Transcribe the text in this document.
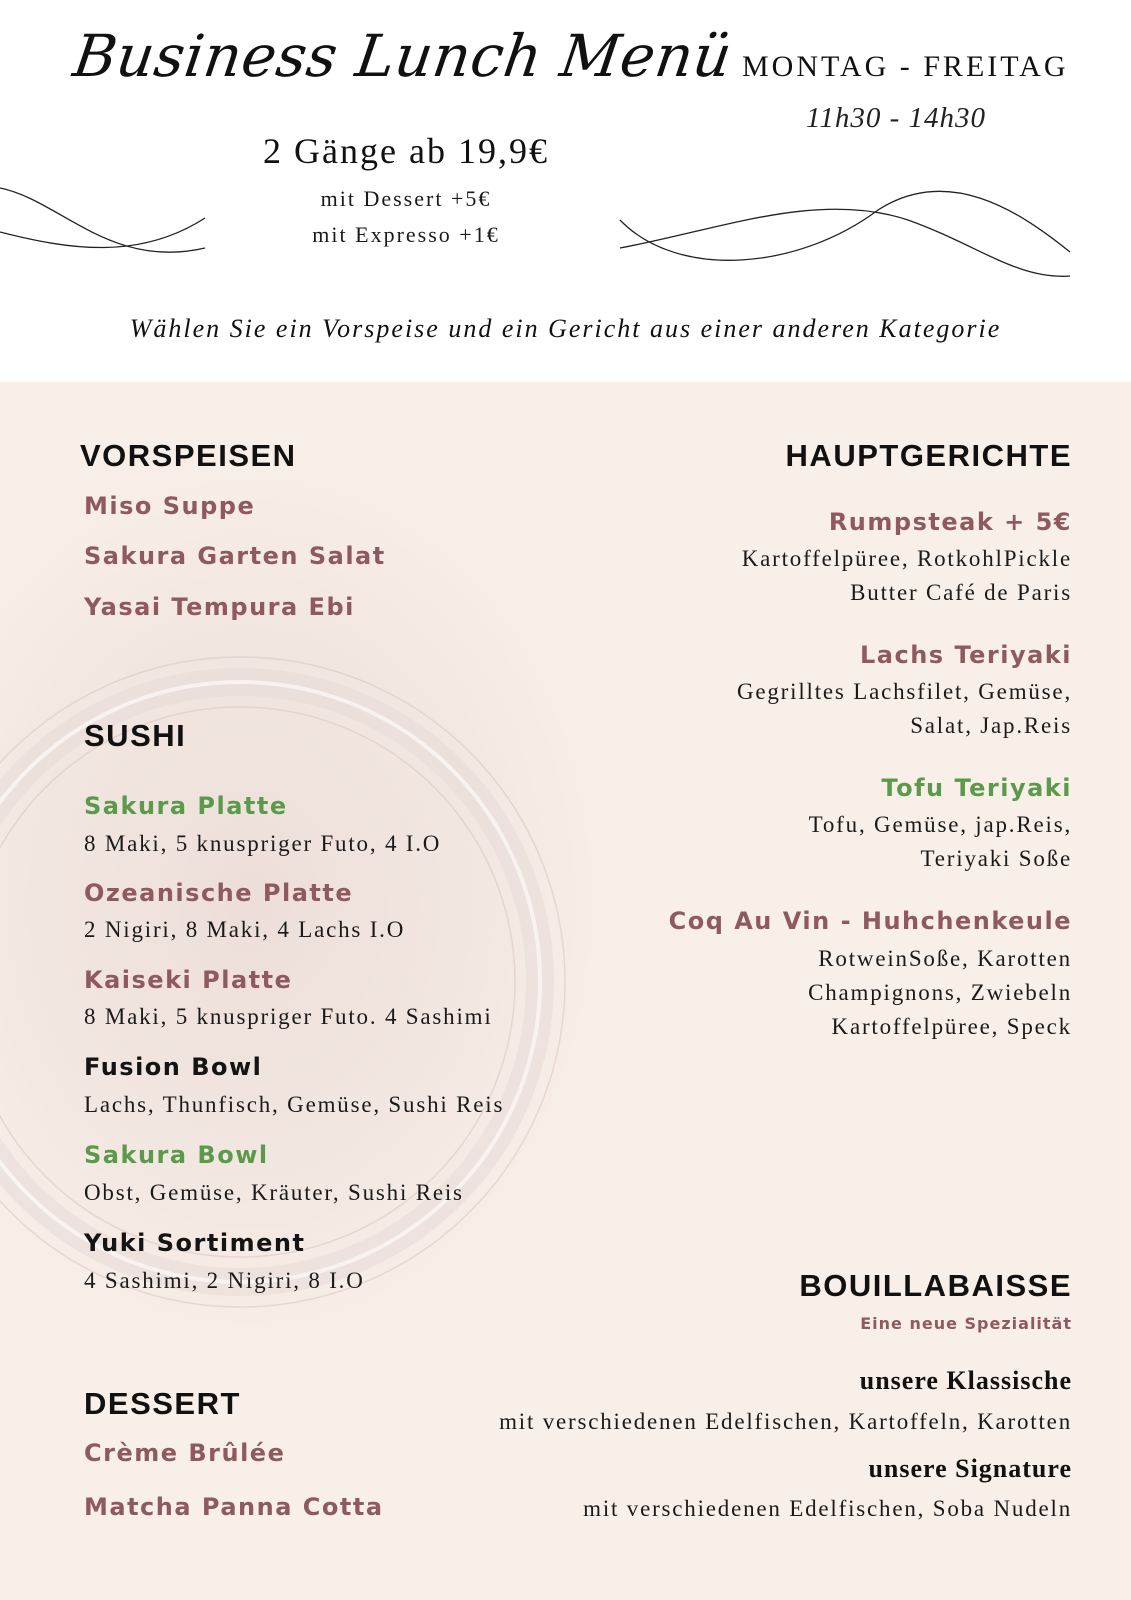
Business Lunch Menü MONTAG - FREITAG
11h30 - 14h30
2 Gänge ab 19,9€
mit Dessert +5€
mit Expresso +1€
Wählen Sie ein Vorspeise und ein Gericht aus einer anderen Kategorie
VORSPEISEN
Miso Suppe
Sakura Garten Salat
Yasai Tempura Ebi
SUSHI
Sakura Platte
8 Maki, 5 knuspriger Futo, 4 I.O
Ozeanische Platte
2 Nigiri, 8 Maki, 4 Lachs I.O
Kaiseki Platte
8 Maki, 5 knuspriger Futo. 4 Sashimi
Fusion Bowl
Lachs, Thunfisch, Gemüse, Sushi Reis
Sakura Bowl
Obst, Gemüse, Kräuter, Sushi Reis
Yuki Sortiment
4 Sashimi, 2 Nigiri, 8 I.O
DESSERT
Crème Brûlée
Matcha Panna Cotta
HAUPTGERICHTE
Rumpsteak + 5€
Kartoffelpüree, RotkohlPickle
Butter Café de Paris
Lachs Teriyaki
Gegrilltes Lachsfilet, Gemüse,
Salat, Jap.Reis
Tofu Teriyaki
Tofu, Gemüse, jap.Reis,
Teriyaki Soße
Coq Au Vin - Huhchenkeule
RotweinSoße, Karotten
Champignons, Zwiebeln
Kartoffelpüree, Speck
BOUILLABAISSE
Eine neue Spezialität
unsere Klassische
mit verschiedenen Edelfischen, Kartoffeln, Karotten
unsere Signature
mit verschiedenen Edelfischen, Soba Nudeln
